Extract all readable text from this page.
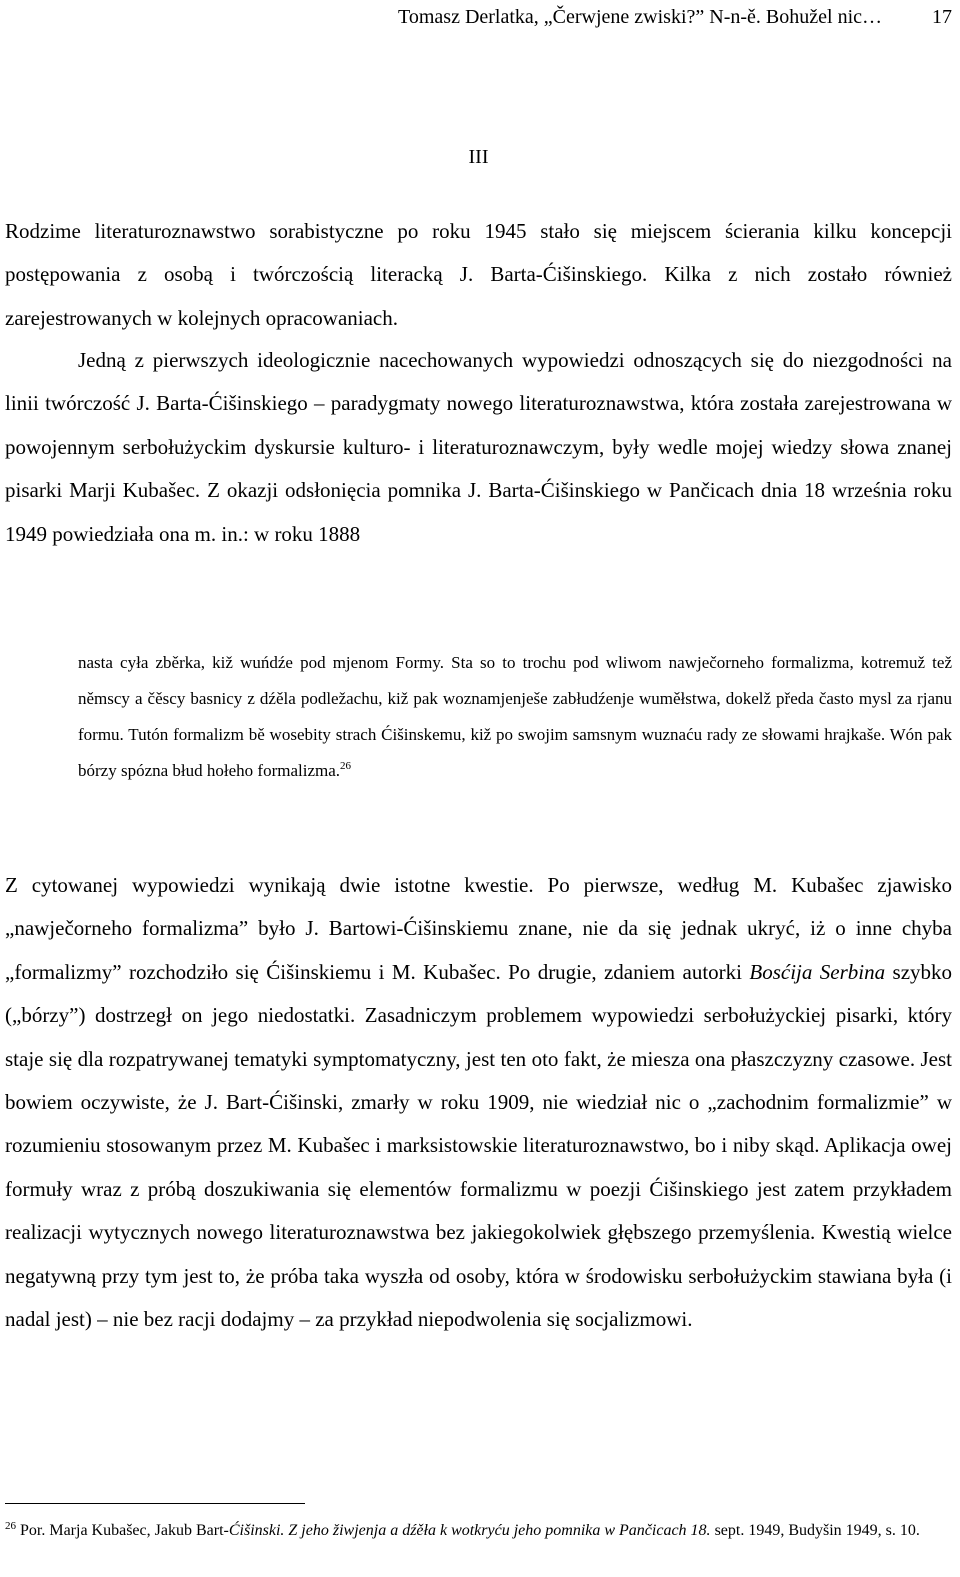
Tomasz Derlatka, „Čerwjene zwiski?” N-n-ě. Bohužel nic…	17
III

Rodzime literaturoznawstwo sorabistyczne po roku 1945 stało się miejscem ścierania kilku koncepcji postępowania z osobą i twórczością literacką J. Barta-Ćišinskiego. Kilka z nich zostało również zarejestrowanych w kolejnych opracowaniach.

Jedną z pierwszych ideologicznie nacechowanych wypowiedzi odnoszących się do niezgodności na linii twórczość J. Barta-Ćišinskiego – paradygmaty nowego literaturoznawstwa, która została zarejestrowana w powojennym serbołużyckim dyskursie kulturo- i literaturoznawczym, były wedle mojej wiedzy słowa znanej pisarki Marji Kubašec. Z okazji odsłonięcia pomnika J. Barta-Ćišinskiego w Pančicach dnia 18 września roku 1949 powiedziała ona m. in.: w roku 1888

nasta cyła zběrka, kiž wuńdźe pod mjenom Formy. Sta so to trochu pod wliwom nawječorneho formalizma, kotremuž tež němscy a čěscy basnicy z dźěla podležachu, kiž pak woznamjenješe zabłudźenje wuměłstwa, dokelž předa často mysl za rjanu formu. Tutón formalizm bě wosebity strach Ćišinskemu, kiž po swojim samsnym wuznaću rady ze słowami hrajkaše. Wón pak bórzy spózna błud hołeho formalizma.$^{26}$

Z cytowanej wypowiedzi wynikają dwie istotne kwestie. Po pierwsze, według M. Kubašec zjawisko „nawječorneho formalizma” było J. Bartowi-Ćišinskiemu znane, nie da się jednak ukryć, iż o inne chyba „formalizmy” rozchodziło się Ćišinskiemu i M. Kubašec. Po drugie, zdaniem autorki Bosćija Serbina szybko („bórzy”) dostrzegł on jego niedostatki. Zasadniczym problemem wypowiedzi serbołużyckiej pisarki, który staje się dla rozpatrywanej tematyki symptomatyczny, jest ten oto fakt, że miesza ona płaszczyzny czasowe. Jest bowiem oczywiste, że J. Bart-Ćišinski, zmarły w roku 1909, nie wiedział nic o „zachodnim formalizmie” w rozumieniu stosowanym przez M. Kubašec i marksistowskie literaturoznawstwo, bo i niby skąd. Aplikacja owej formuły wraz z próbą doszukiwania się elementów formalizmu w poezji Ćišinskiego jest zatem przykładem realizacji wytycznych nowego literaturoznawstwa bez jakiegokolwiek głębszego przemyślenia. Kwestią wielce negatywną przy tym jest to, że próba taka wyszła od osoby, która w środowisku serbołużyckim stawiana była (i nadal jest) – nie bez racji dodajmy – za przykład niepodwolenia się socjalizmowi.

$^{26}$ Por. Marja Kubašec, Jakub Bart-Ćišinski. Z jeho žiwjenja a dźěła k wotkryću jeho pomnika w Pančicach 18. sept. 1949, Budyšin 1949, s. 10.
